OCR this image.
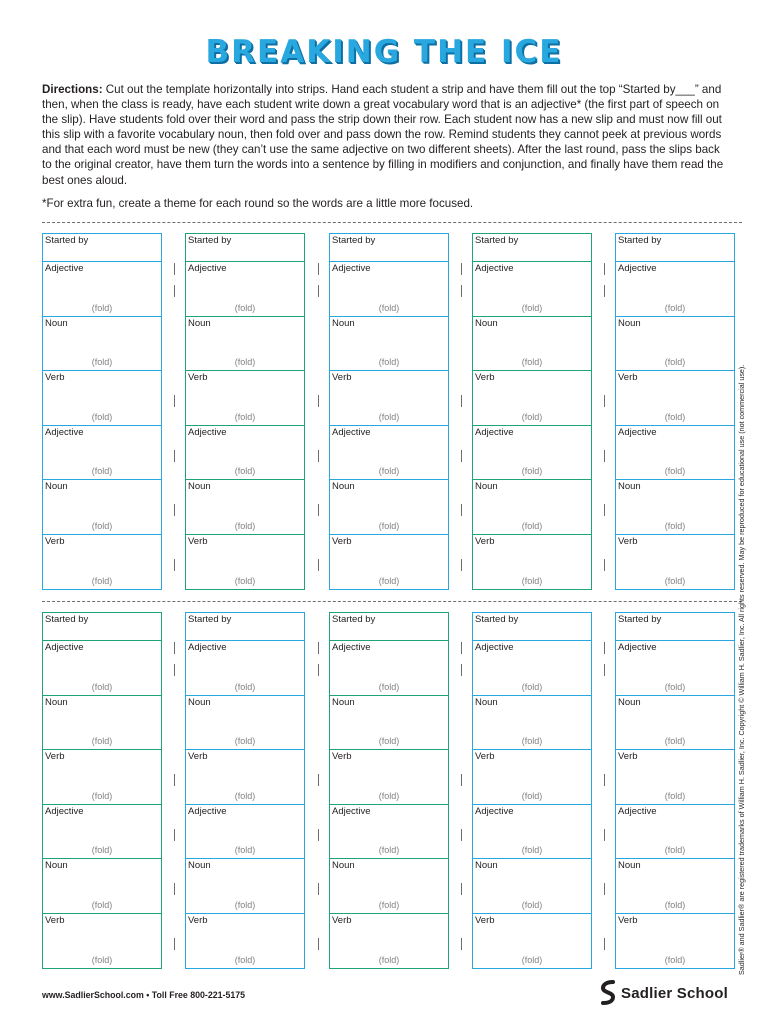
BREAKING THE ICE
Directions: Cut out the template horizontally into strips. Hand each student a strip and have them fill out the top “Started by___” and then, when the class is ready, have each student write down a great vocabulary word that is an adjective* (the first part of speech on the slip). Have students fold over their word and pass the strip down their row. Each student now has a new slip and must now fill out this slip with a favorite vocabulary noun, then fold over and pass down the row. Remind students they cannot peek at previous words and that each word must be new (they can’t use the same adjective on two different sheets). After the last round, pass the slips back to the original creator, have them turn the words into a sentence by filling in modifiers and conjunction, and finally have them read the best ones aloud.
*For extra fun, create a theme for each round so the words are a little more focused.
Started by
Adjective
(fold)
Noun
(fold)
Verb
(fold)
Adjective
(fold)
Noun
(fold)
Verb
(fold)
Started by
Adjective
(fold)
Noun
(fold)
Verb
(fold)
Adjective
(fold)
Noun
(fold)
Verb
(fold)
Started by
Adjective
(fold)
Noun
(fold)
Verb
(fold)
Adjective
(fold)
Noun
(fold)
Verb
(fold)
Started by
Adjective
(fold)
Noun
(fold)
Verb
(fold)
Adjective
(fold)
Noun
(fold)
Verb
(fold)
Started by
Adjective
(fold)
Noun
(fold)
Verb
(fold)
Adjective
(fold)
Noun
(fold)
Verb
(fold)
Started by
Adjective
(fold)
Noun
(fold)
Verb
(fold)
Adjective
(fold)
Noun
(fold)
Verb
(fold)
Started by
Adjective
(fold)
Noun
(fold)
Verb
(fold)
Adjective
(fold)
Noun
(fold)
Verb
(fold)
Started by
Adjective
(fold)
Noun
(fold)
Verb
(fold)
Adjective
(fold)
Noun
(fold)
Verb
(fold)
Started by
Adjective
(fold)
Noun
(fold)
Verb
(fold)
Adjective
(fold)
Noun
(fold)
Verb
(fold)
Started by
Adjective
(fold)
Noun
(fold)
Verb
(fold)
Adjective
(fold)
Noun
(fold)
Verb
(fold)	Sadlier® and Sadlier® are registered trademarks of William H. Sadlier, Inc. Copyright © William H. Sadlier, Inc. All rights reserved. May be reproduced for educational use (not commercial use).
www.SadlierSchool.com • Toll Free 800-221-5175	Sadlier School
